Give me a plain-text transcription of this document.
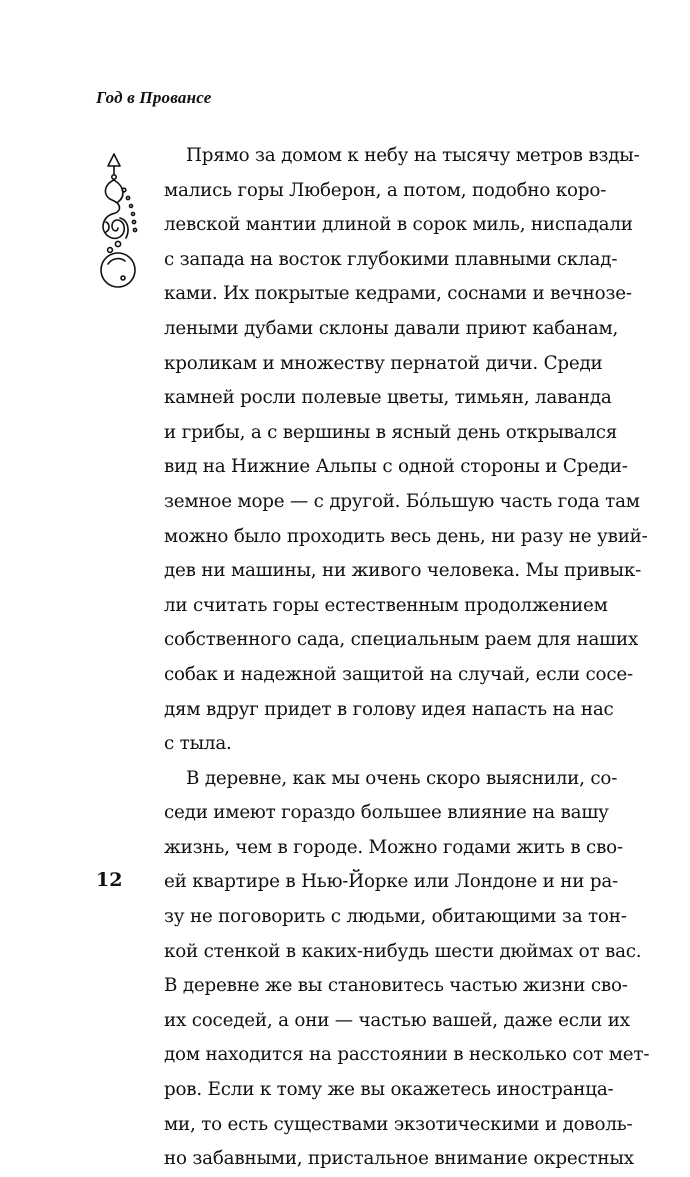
Год в Провансе
Прямо за домом к небу на тысячу метров взды-
мались горы Люберон, а потом, подобно коро-
левской мантии длиной в сорок миль, ниспадали
с запада на восток глубокими плавными склад-
ками. Их покрытые кедрами, соснами и вечнозе-
леными дубами склоны давали приют кабанам,
кроликам и множеству пернатой дичи. Среди
камней росли полевые цветы, тимьян, лаванда
и грибы, а с вершины в ясный день открывался
вид на Нижние Альпы с одной стороны и Среди-
земное море — с другой. Бóльшую часть года там
можно было проходить весь день, ни разу не увий-
дев ни машины, ни живого человека. Мы привык-
ли считать горы естественным продолжением
собственного сада, специальным раем для наших
собак и надежной защитой на случай, если сосе-
дям вдруг придет в голову идея напасть на нас
с тыла.
В деревне, как мы очень скоро выяснили, со-
седи имеют гораздо большее влияние на вашу
жизнь, чем в городе. Можно годами жить в сво-
ей квартире в Нью-Йорке или Лондоне и ни ра-
зу не поговорить с людьми, обитающими за тон-
кой стенкой в каких-нибудь шести дюймах от вас.
В деревне же вы становитесь частью жизни сво-
их соседей, а они — частью вашей, даже если их
дом находится на расстоянии в несколько сот мет-
ров. Если к тому же вы окажетесь иностранца-
ми, то есть существами экзотическими и доволь-
но забавными, пристальное внимание окрестных
12
